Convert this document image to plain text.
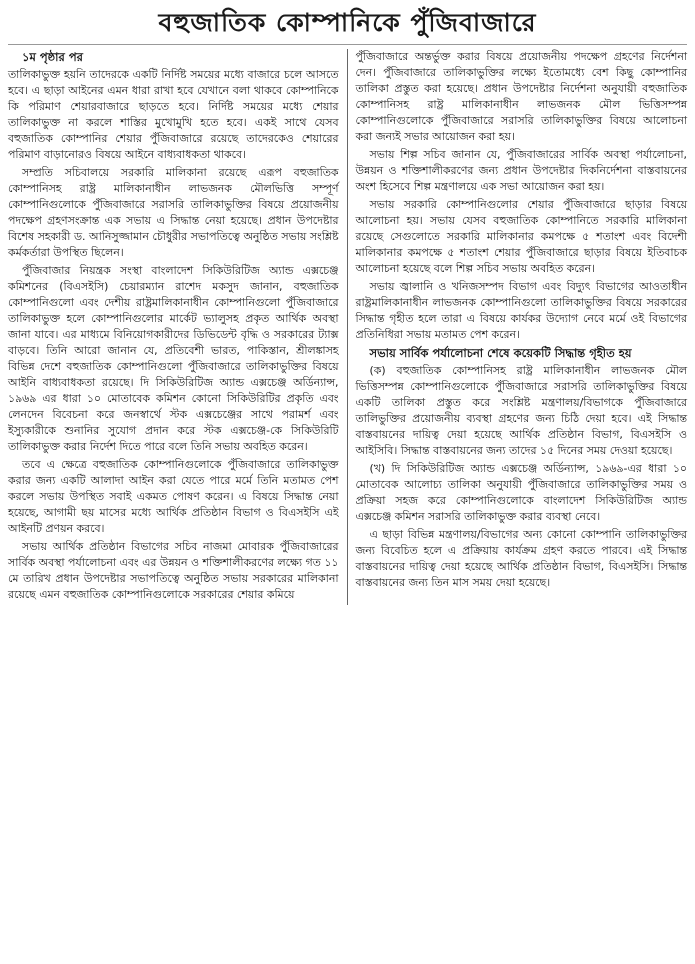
বহুজাতিক কোম্পানিকে পুঁজিবাজারে

১ম পৃষ্ঠার পর

তালিকাভুক্ত হয়নি তাদেরকে একটি নির্দিষ্ট সময়ের মধ্যে বাজারে চলে আসতে হবে। এ ছাড়া আইনের এমন ধারা রাখা হবে যেখানে বলা থাকবে কোম্পানিকে কি পরিমাণ শেয়ারবাজারে ছাড়তে হবে। নির্দিষ্ট সময়ের মধ্যে শেয়ার তালিকাভুক্ত না করলে শাস্তির মুখোমুখি হতে হবে। একই সাথে যেসব বহুজাতিক কোম্পানির শেয়ার পুঁজিবাজারে রয়েছে তাদেরকেও শেয়ারের পরিমাণ বাড়ানোরও বিষয়ে আইনে বাধ্যবাধকতা থাকবে।

সম্প্রতি সচিবালয়ে সরকারি মালিকানা রয়েছে এরূপ বহুজাতিক কোম্পানিসহ রাষ্ট্র মালিকানাধীন লাভজনক মৌলভিত্তি সম্পূর্ণ কোম্পানিগুলোকে পুঁজিবাজারে সরাসরি তালিকাভুক্তির বিষয়ে প্রয়োজনীয় পদক্ষেপ গ্রহণসংক্রান্ত এক সভায় এ সিদ্ধান্ত নেয়া হয়েছে। প্রধান উপদেষ্টার বিশেষ সহকারী ড. আনিসুজ্জামান চৌধুরীর সভাপতিত্বে অনুষ্ঠিত সভায় সংশ্লিষ্ট কর্মকর্তারা উপস্থিত ছিলেন।

পুঁজিবাজার নিয়ন্ত্রক সংস্থা বাংলাদেশ সিকিউরিটিজ অ্যান্ড এক্সচেঞ্জ কমিশনের (বিএসইসি) চেয়ারম্যান রাশেদ মকসুদ জানান, বহুজাতিক কোম্পানিগুলো এবং দেশীয় রাষ্ট্রমালিকানাধীন কোম্পানিগুলো পুঁজিবাজারে তালিকাভুক্ত হলে কোম্পানিগুলোর মার্কেট ভ্যালুসহ প্রকৃত আর্থিক অবস্থা জানা যাবে। এর মাধ্যমে বিনিয়োগকারীদের ডিভিডেন্ট বৃদ্ধি ও সরকারের ট্যাক্স বাড়বে। তিনি আরো জানান যে, প্রতিবেশী ভারত, পাকিস্তান, শ্রীলঙ্কাসহ বিভিন্ন দেশে বহুজাতিক কোম্পানিগুলো পুঁজিবাজারে তালিকাভুক্তির বিষয়ে আইনি বাধ্যবাধকতা রয়েছে। দি সিকিউরিটিজ অ্যান্ড এক্সচেঞ্জ অর্ডিন্যান্স, ১৯৬৯ এর ধারা ১০ মোতাবেক কমিশন কোনো সিকিউরিটির প্রকৃতি এবং লেনদেন বিবেচনা করে জনস্বার্থে স্টক এক্সচেঞ্জের সাথে পরামর্শ এবং ইস্যুকারীকে শুনানির সুযোগ প্রদান করে স্টক এক্সচেঞ্জ-কে সিকিউরিটি তালিকাভুক্ত করার নির্দেশ দিতে পারে বলে তিনি সভায় অবহিত করেন।

তবে এ ক্ষেত্রে বহুজাতিক কোম্পানিগুলোকে পুঁজিবাজারে তালিকাভুক্ত করার জন্য একটি আলাদা আইন করা যেতে পারে মর্মে তিনি মতামত পেশ করলে সভায় উপস্থিত সবাই একমত পোষণ করেন। এ বিষয়ে সিদ্ধান্ত নেয়া হয়েছে, আগামী ছয় মাসের মধ্যে আর্থিক প্রতিষ্ঠান বিভাগ ও বিএসইসি এই আইনটি প্রণয়ন করবে।

সভায় আর্থিক প্রতিষ্ঠান বিভাগের সচিব নাজমা মোবারক পুঁজিবাজারের সার্বিক অবস্থা পর্যালোচনা এবং এর উন্নয়ন ও শক্তিশালীকরণের লক্ষ্যে গত ১১ মে তারিখ প্রধান উপদেষ্টার সভাপতিত্বে অনুষ্ঠিত সভায় সরকারের মালিকানা রয়েছে এমন বহুজাতিক কোম্পানিগুলোকে সরকারের শেয়ার কমিয়ে

পুঁজিবাজারে অন্তর্ভুক্ত করার বিষয়ে প্রয়োজনীয় পদক্ষেপ গ্রহণের নির্দেশনা দেন। পুঁজিবাজারে তালিকাভুক্তির লক্ষ্যে ইতোমধ্যে বেশ কিছু কোম্পানির তালিকা প্রস্তুত করা হয়েছে। প্রধান উপদেষ্টার নির্দেশনা অনুযায়ী বহুজাতিক কোম্পানিসহ রাষ্ট্র মালিকানাধীন লাভজনক মৌল ভিত্তিসম্পন্ন কোম্পানিগুলোকে পুঁজিবাজারে সরাসরি তালিকাভুক্তির বিষয়ে আলোচনা করা জন্যই সভার আয়োজন করা হয়।

সভায় শিল্প সচিব জানান যে, পুঁজিবাজারের সার্বিক অবস্থা পর্যালোচনা, উন্নয়ন ও শক্তিশালীকরণের জন্য প্রধান উপদেষ্টার দিকনির্দেশনা বাস্তবায়নের অংশ হিসেবে শিল্প মন্ত্রণালয়ে এক সভা আয়োজন করা হয়।

সভায় সরকারি কোম্পানিগুলোর শেয়ার পুঁজিবাজারে ছাড়ার বিষয়ে আলোচনা হয়। সভায় যেসব বহুজাতিক কোম্পানিতে সরকারি মালিকানা রয়েছে সেগুলোতে সরকারি মালিকানার কমপক্ষে ৫ শতাংশ এবং বিদেশী মালিকানার কমপক্ষে ৫ শতাংশ শেয়ার পুঁজিবাজারে ছাড়ার বিষয়ে ইতিবাচক আলোচনা হয়েছে বলে শিল্প সচিব সভায় অবহিত করেন।

সভায় জ্বালানি ও খনিজসম্পদ বিভাগ এবং বিদ্যুৎ বিভাগের আওতাধীন রাষ্ট্রমালিকানাধীন লাভজনক কোম্পানিগুলো তালিকাভুক্তির বিষয়ে সরকারের সিদ্ধান্ত গৃহীত হলে তারা এ বিষয়ে কার্যকর উদ্যোগ নেবে মর্মে ওই বিভাগের প্রতিনিধিরা সভায় মতামত পেশ করেন।

সভায় সার্বিক পর্যালোচনা শেষে কয়েকটি সিদ্ধান্ত গৃহীত হয়

(ক) বহুজাতিক কোম্পানিসহ রাষ্ট্র মালিকানাধীন লাভজনক মৌল ভিত্তিসম্পন্ন কোম্পানিগুলোকে পুঁজিবাজারে সরাসরি তালিকাভুক্তির বিষয়ে একটি তালিকা প্রস্তুত করে সংশ্লিষ্ট মন্ত্রণালয়/বিভাগকে পুঁজিবাজারে তালিভুক্তির প্রয়োজনীয় ব্যবস্থা গ্রহণের জন্য চিঠি দেয়া হবে। এই সিদ্ধান্ত বাস্তবায়নের দায়িত্ব দেয়া হয়েছে আর্থিক প্রতিষ্ঠান বিভাগ, বিএসইসি ও আইসিবি। সিদ্ধান্ত বাস্তবায়নের জন্য তাদের ১৫ দিনের সময় দেওয়া হয়েছে।

(খ) দি সিকিউরিটিজ অ্যান্ড এক্সচেঞ্জ অর্ডিন্যান্স, ১৯৬৯-এর ধারা ১০ মোতাবেক আলোচ্য তালিকা অনুযায়ী পুঁজিবাজারে তালিকাভুক্তির সময় ও প্রক্রিয়া সহজ করে কোম্পানিগুলোকে বাংলাদেশ সিকিউরিটিজ অ্যান্ড এক্সচেঞ্জ কমিশন সরাসরি তালিকাভুক্ত করার ব্যবস্থা নেবে।

এ ছাড়া বিভিন্ন মন্ত্রণালয়/বিভাগের অন্য কোনো কোম্পানি তালিকাভুক্তির জন্য বিবেচিত হলে এ প্রক্রিয়ায় কার্যক্রম গ্রহণ করতে পারবে। এই সিদ্ধান্ত বাস্তবায়নের দায়িত্ব দেয়া হয়েছে আর্থিক প্রতিষ্ঠান বিভাগ, বিএসইসি। সিদ্ধান্ত বাস্তবায়নের জন্য তিন মাস সময় দেয়া হয়েছে।
